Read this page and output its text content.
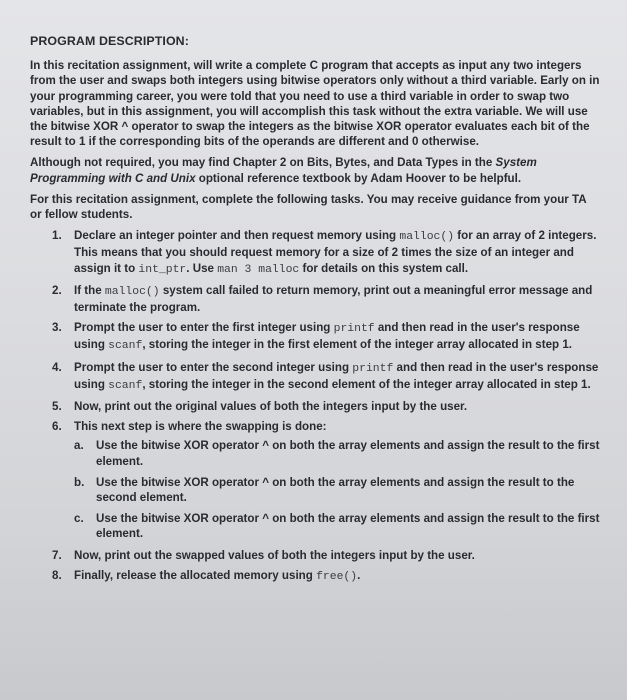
PROGRAM DESCRIPTION:

In this recitation assignment, will write a complete C program that accepts as input any two integers from the user and swaps both integers using bitwise operators only without a third variable. Early on in your programming career, you were told that you need to use a third variable in order to swap two variables, but in this assignment, you will accomplish this task without the extra variable. We will use the bitwise XOR ^ operator to swap the integers as the bitwise XOR operator evaluates each bit of the result to 1 if the corresponding bits of the operands are different and 0 otherwise.

Although not required, you may find Chapter 2 on Bits, Bytes, and Data Types in the System Programming with C and Unix optional reference textbook by Adam Hoover to be helpful.

For this recitation assignment, complete the following tasks. You may receive guidance from your TA or fellow students.

1. Declare an integer pointer and then request memory using malloc() for an array of 2 integers. This means that you should request memory for a size of 2 times the size of an integer and assign it to int_ptr. Use man 3 malloc for details on this system call.
2. If the malloc() system call failed to return memory, print out a meaningful error message and terminate the program.
3. Prompt the user to enter the first integer using printf and then read in the user's response using scanf, storing the integer in the first element of the integer array allocated in step 1.
4. Prompt the user to enter the second integer using printf and then read in the user's response using scanf, storing the integer in the second element of the integer array allocated in step 1.
5. Now, print out the original values of both the integers input by the user.
6. This next step is where the swapping is done:
a. Use the bitwise XOR operator ^ on both the array elements and assign the result to the first element.
b. Use the bitwise XOR operator ^ on both the array elements and assign the result to the second element.
c. Use the bitwise XOR operator ^ on both the array elements and assign the result to the first element.
7. Now, print out the swapped values of both the integers input by the user.
8. Finally, release the allocated memory using free().
